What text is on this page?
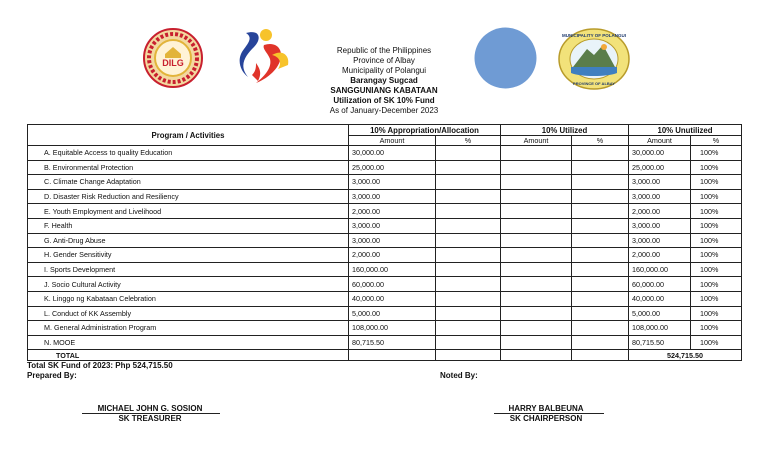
DILG
MUNICIPALITY OF POLANGUI
PROVINCE OF ALBAY
Republic of the Philippines
Province of Albay
Municipality of Polangui
Barangay Sugcad
SANGGUNIANG KABATAAN
Utilization of SK 10% Fund
As of January-December 2023
Program / Activities	10% Appropriation/Allocation		10% Utilized		10% Unutilized	
	Amount	%	Amount	%	Amount	%
A. Equitable Access to quality Education	30,000.00				30,000.00	100%
B. Environmental Protection	25,000.00				25,000.00	100%
C. Climate Change Adaptation	3,000.00				3,000.00	100%
D. Disaster Risk Reduction and Resiliency	3,000.00				3,000.00	100%
E. Youth Employment and Livelihood	2,000.00				2,000.00	100%
F. Health	3,000.00				3,000.00	100%
G. Anti-Drug Abuse	3,000.00				3,000.00	100%
H. Gender Sensitivity	2,000.00				2,000.00	100%
I. Sports Development	160,000.00				160,000.00	100%
J. Socio Cultural Activity	60,000.00				60,000.00	100%
K. Linggo ng Kabataan Celebration	40,000.00				40,000.00	100%
L. Conduct of KK Assembly	5,000.00				5,000.00	100%
M. General Administration Program	108,000.00				108,000.00	100%
N. MOOE	80,715.50				80,715.50	100%
TOTAL					524,715.50	
Total SK Fund of 2023: Php 524,715.50
Prepared By:	Noted By:
MICHAEL JOHN G. SOSION
SK TREASURER
HARRY BALBEUNA
SK CHAIRPERSON
